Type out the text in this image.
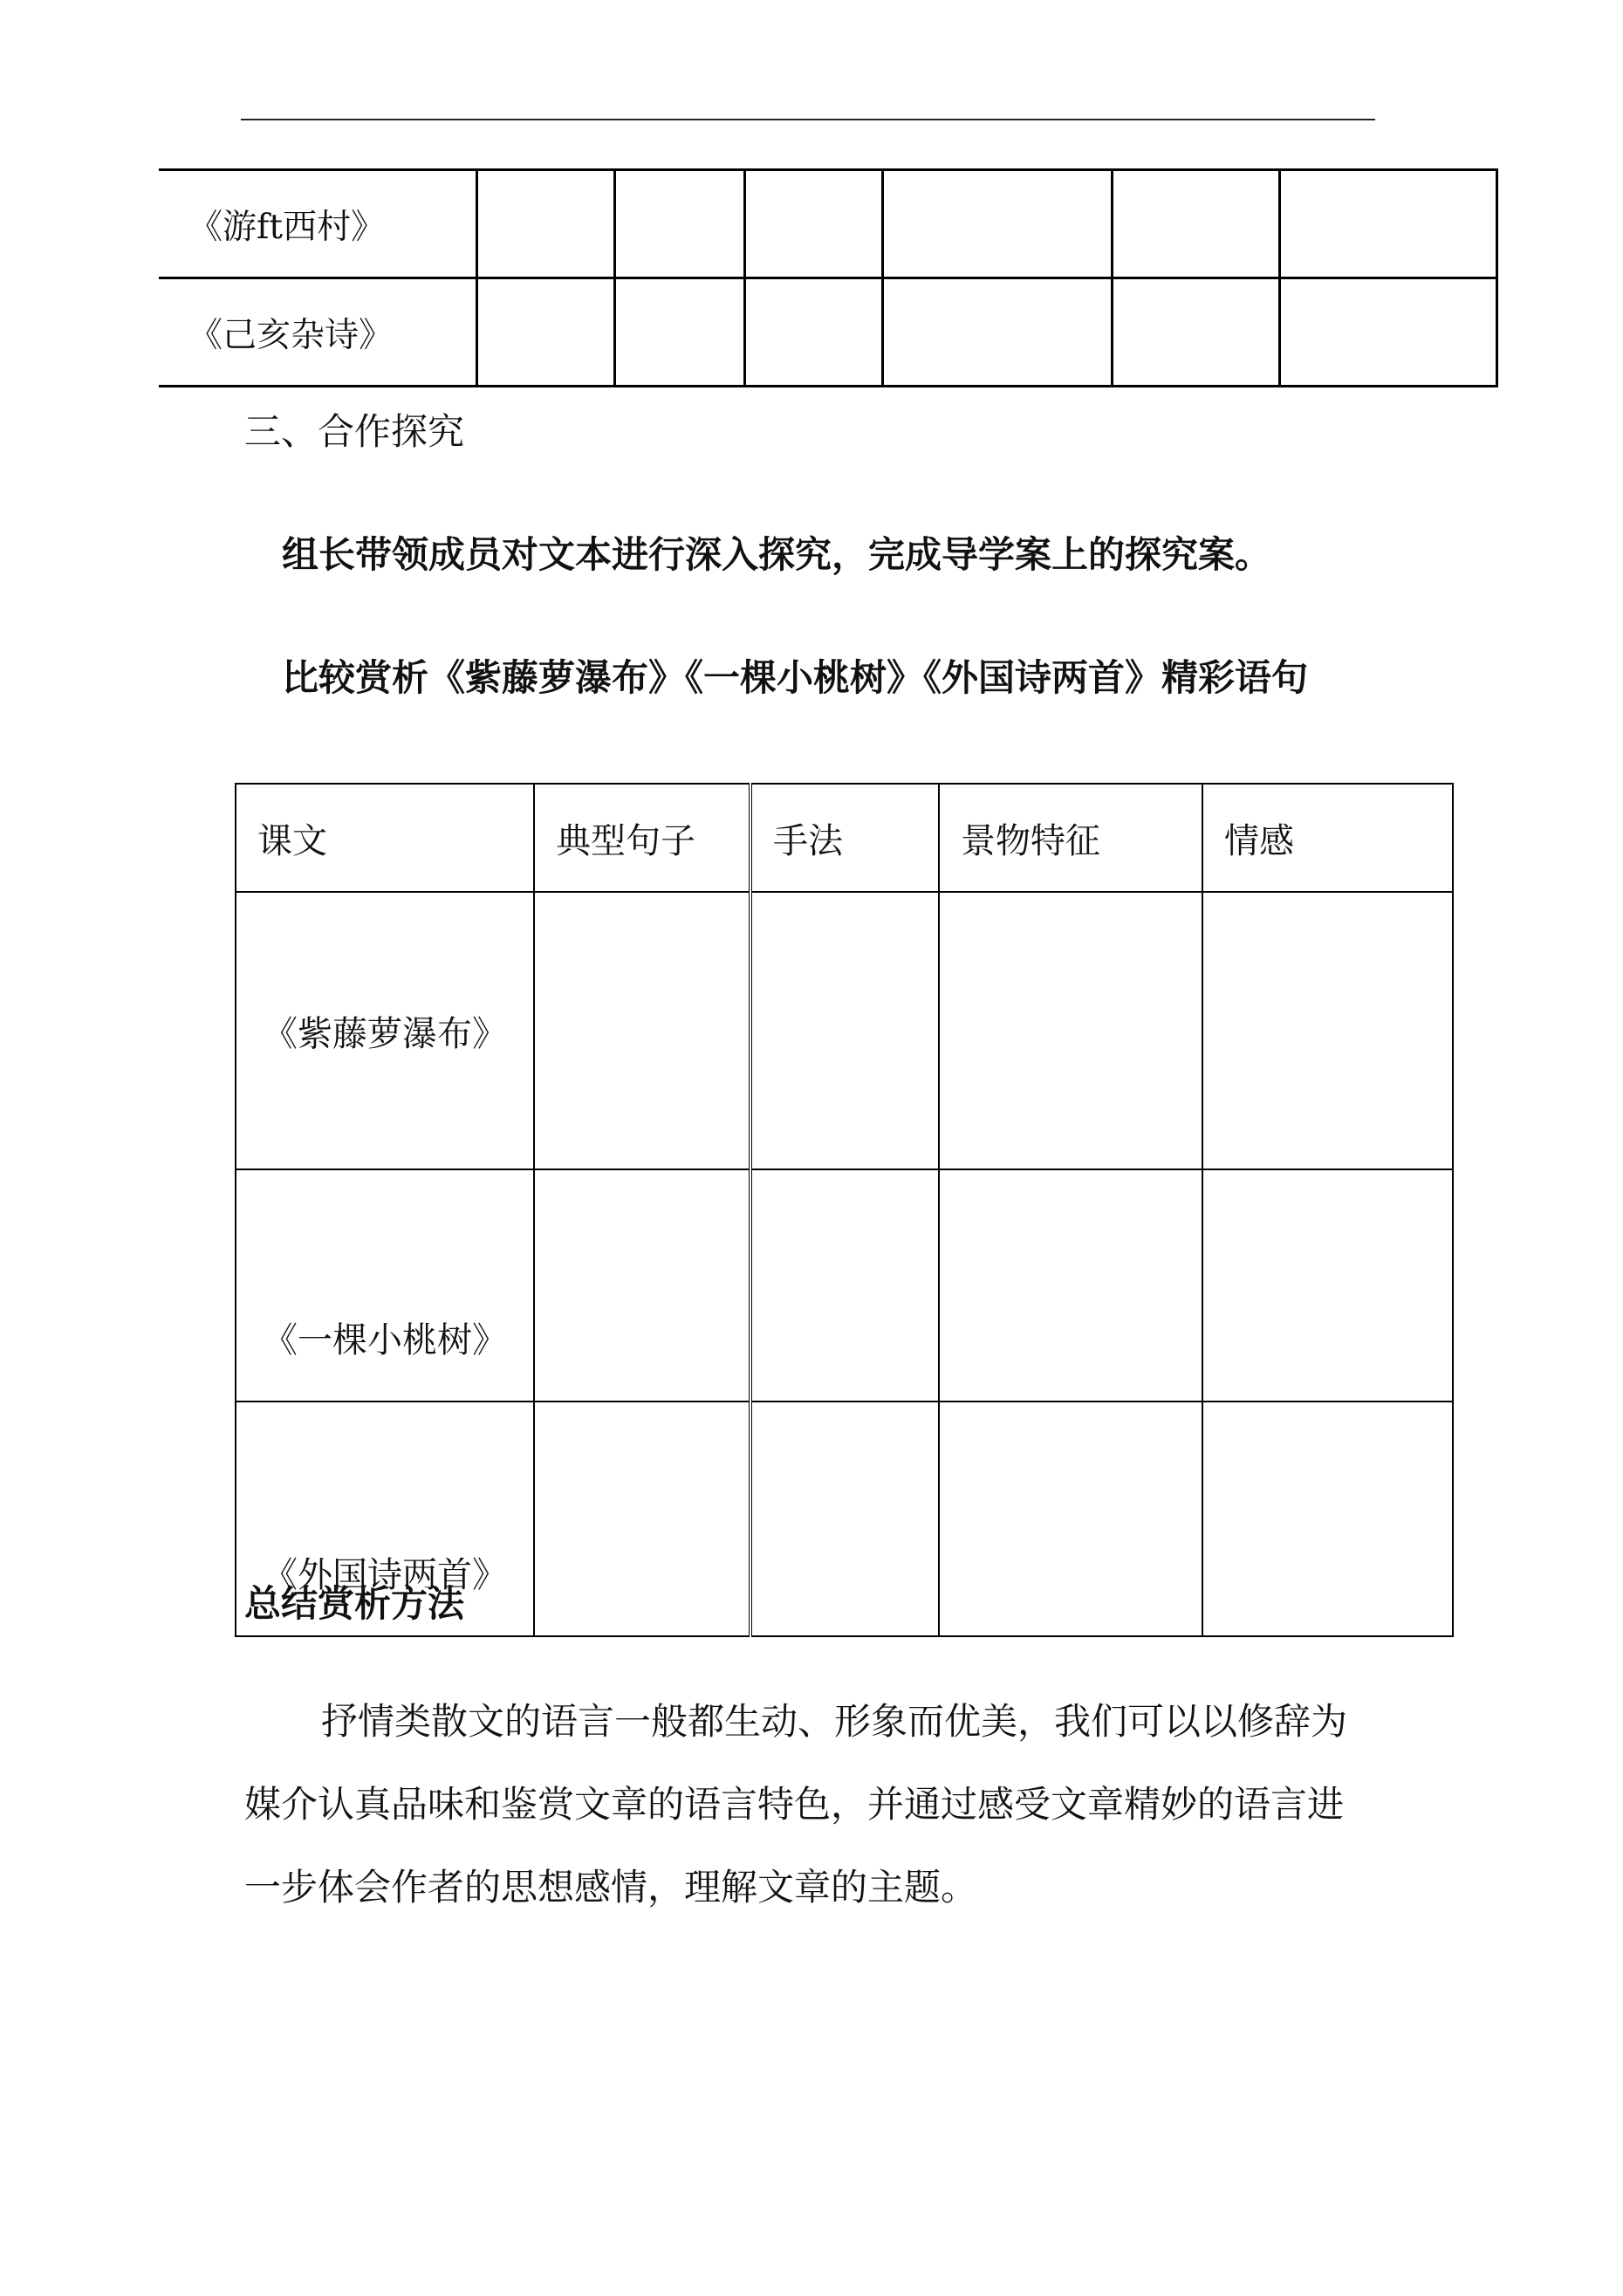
《游ft西村》						
《己亥杂诗》						
三、合作探究
组长带领成员对文本进行深入探究，完成导学案上的探究案。
比较赏析《紫藤萝瀑布》《一棵小桃树》《外国诗两首》精彩语句
课文	典型句子	手法	景物特征	情感
《紫藤萝瀑布》				
《一棵小桃树》				
《外国诗两首》				
总结赏析方法
抒情类散文的语言一般都生动、形象而优美，我们可以以修辞为
媒介认真品味和鉴赏文章的语言特色，并通过感受文章精妙的语言进
一步体会作者的思想感情，理解文章的主题。
